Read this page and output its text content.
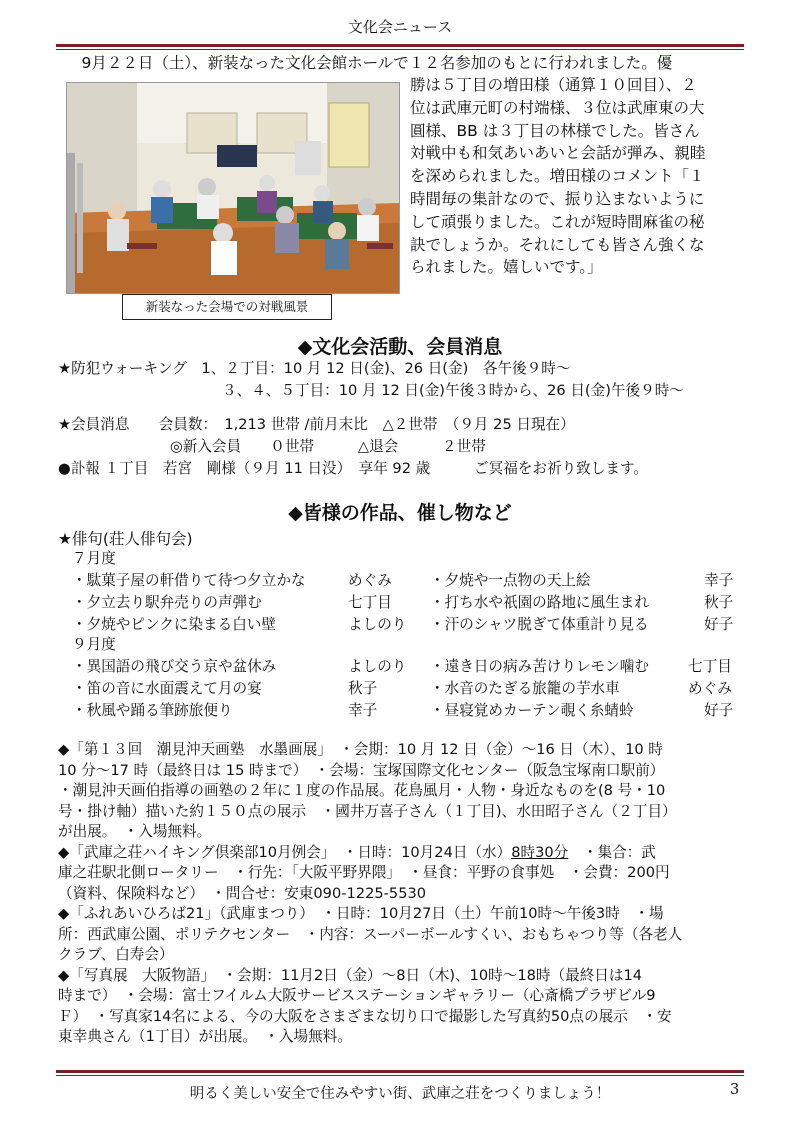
文化会ニュース
　9月２２日（土）、新装なった文化会館ホールで１２名参加のもとに行われました。優
勝は５丁目の増田様（通算１０回目）、２
位は武庫元町の村端様、３位は武庫東の大
圓様、BB は３丁目の林様でした。皆さん
対戦中も和気あいあいと会話が弾み、親睦
を深められました。増田様のコメント「１
時間毎の集計なので、振り込まないように
して頑張りました。これが短時間麻雀の秘
訣でしょうか。それにしても皆さん強くな
られました。嬉しいです。」
新装なった会場での対戦風景
◆文化会活動、会員消息
★防犯ウォーキング　1、２丁目：10 月 12 日(金)、26 日(金)　各午後９時～
３、４、５丁目：10 月 12 日(金)午後３時から、26 日(金)午後９時～
★会員消息　　会員数：　1,213 世帯 /前月末比　△２世帯　（９月 25 日現在）
◎新入会員　　０世帯　　　△退会　　　２世帯
●訃報 １丁目　若宮　剛様（９月 11 日没）　享年 92 歳　　　ご冥福をお祈り致します。
◆皆様の作品、催し物など
★俳句(荘人俳句会)
７月度
・駄菓子屋の軒借りて待つ夕立かな	めぐみ	・夕焼や一点物の天上絵	幸子
・夕立去り駅弁売りの声弾む	七丁目	・打ち水や祇園の路地に風生まれ	秋子
・夕焼やピンクに染まる白い壁	よしのり ・汗のシャツ脱ぎて体重計り見る	好子
９月度
・異国語の飛び交う京や盆休み	よしのり ・遠き日の病み苦けりレモン噛む	七丁目
・笛の音に水面震えて月の宴	秋子	・水音のたぎる旅籠の芋水車	めぐみ
・秋風や踊る筆跡旅便り	幸子	・昼寝覚めカーテン覗く糸蜻蛉	好子
◆「第１３回　潮見沖天画塾　水墨画展」　・会期：10 月 12 日（金）～16 日（木）、10 時
10 分～17 時（最終日は 15 時まで）　・会場：宝塚国際文化センター（阪急宝塚南口駅前）
・潮見沖天画伯指導の画塾の２年に１度の作品展。花鳥風月・人物・身近なものを(8 号・10
号・掛け軸）描いた約１５０点の展示　・國井万喜子さん（１丁目)、水田昭子さん（２丁目）
が出展。　・入場無料。
◆「武庫之荘ハイキング倶楽部10月例会」　・日時：10月24日（水）8時30分　 ・集合：武
庫之荘駅北側ロータリー　・行先：「大阪平野界隈」　・昼食：平野の食事処　・会費：200円
（資料、保険料など）　・問合せ：安東090-1225-5530
◆「ふれあいひろば21」（武庫まつり）　・日時：10月27日（土）午前10時～午後3時　・場
所：西武庫公園、ポリテクセンター　・内容：スーパーボールすくい、おもちゃつり等（各老人
クラブ、白寿会）
◆「写真展　大阪物語」　・会期：11月2日（金）～8日（木)、10時～18時（最終日は14
時まで）　・会場：富士フイルム大阪サービスステーションギャラリー（心斎橋プラザビル9
Ｆ）　・写真家14名による、今の大阪をさまざまな切り口で撮影した写真約50点の展示　・安
東幸典さん（1丁目）が出展。　・入場無料。
明るく美しい安全で住みやすい街、武庫之荘をつくりましょう！	3
